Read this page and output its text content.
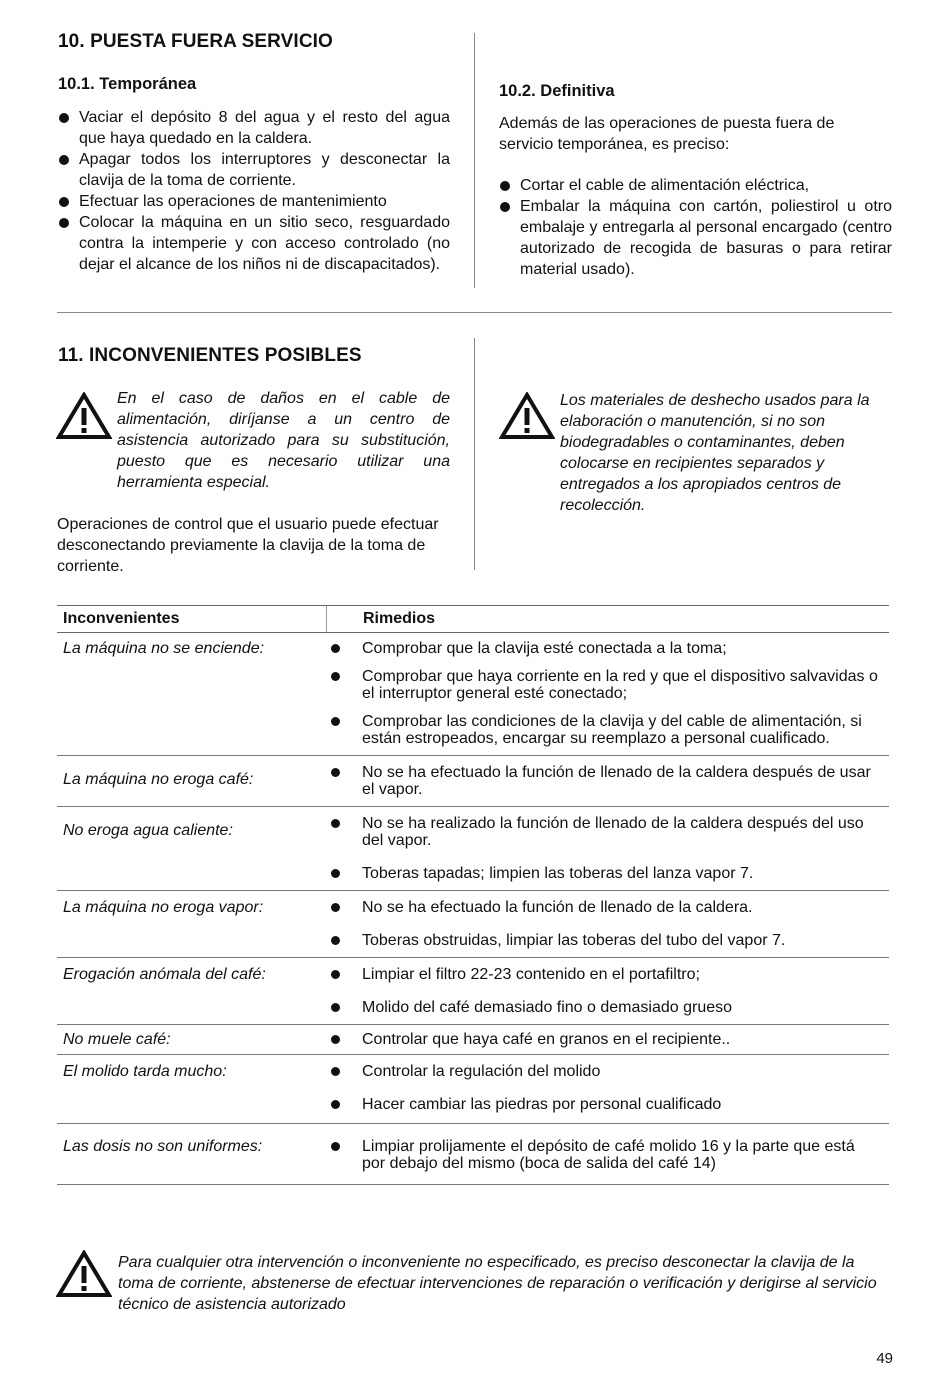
10. PUESTA FUERA SERVICIO
10.1. Temporánea
Vaciar el depósito 8 del agua y el resto del agua que haya quedado en la caldera.
Apagar todos los interruptores y desconectar la clavija de la toma de corriente.
Efectuar las operaciones de mantenimiento
Colocar la máquina en un sitio seco, resguardado contra la intemperie y con acceso controlado (no dejar el alcance de los niños ni de discapacitados).
10.2. Definitiva
Además de las operaciones de puesta fuera de servicio temporánea, es preciso:
Cortar el cable de alimentación eléctrica,
Embalar la máquina con cartón, poliestirol u otro embalaje y entregarla al personal encargado (centro autorizado de recogida de basuras o para retirar material usado).
11. INCONVENIENTES POSIBLES
En el caso de daños en el cable de alimentación, diríjanse a un centro de asistencia autorizado para su substitución, puesto que es necesario utilizar una herramienta especial.
Operaciones de control que el usuario puede efectuar desconectando previamente la clavija de la toma de corriente.
Los materiales de deshecho usados para la elaboración o manutención, si no son biodegradables o contaminantes, deben colocarse en recipientes separados y entregados a los apropiados centros de recolección.
Inconvenientes	Rimedios
La máquina no se enciende:	Comprobar que la clavija esté conectada a la toma;
Comprobar que haya corriente en la red y que el dispositivo salvavidas o el interruptor general esté conectado;
Comprobar las condiciones de la clavija y del cable de alimentación, si están estropeados, encargar su reemplazo a personal cualificado.
La máquina no eroga café:	No se ha efectuado la función de llenado de la caldera después de usar el vapor.
No eroga agua caliente:	No se ha realizado la función de llenado de la caldera después del uso del vapor.
Toberas tapadas; limpien las toberas del lanza vapor 7.
La máquina no eroga vapor:	No se ha efectuado la función de llenado de la caldera.
Toberas obstruidas, limpiar las toberas del tubo del vapor 7.
Erogación anómala del café:	Limpiar el filtro 22-23 contenido en el portafiltro;
Molido del café demasiado fino o demasiado grueso
No muele café:	Controlar que haya café en granos en el recipiente..
El molido tarda mucho:	Controlar la regulación del molido
Hacer cambiar las piedras por personal cualificado
Las dosis no son uniformes:	Limpiar prolijamente el depósito de café molido 16 y la parte que está por debajo del mismo (boca de salida del café 14)
Para cualquier otra intervención o inconveniente no especificado, es preciso desconectar la clavija de la toma de corriente, abstenerse de efectuar intervenciones de reparación o verificación y derigirse al servicio técnico de asistencia autorizado
49
